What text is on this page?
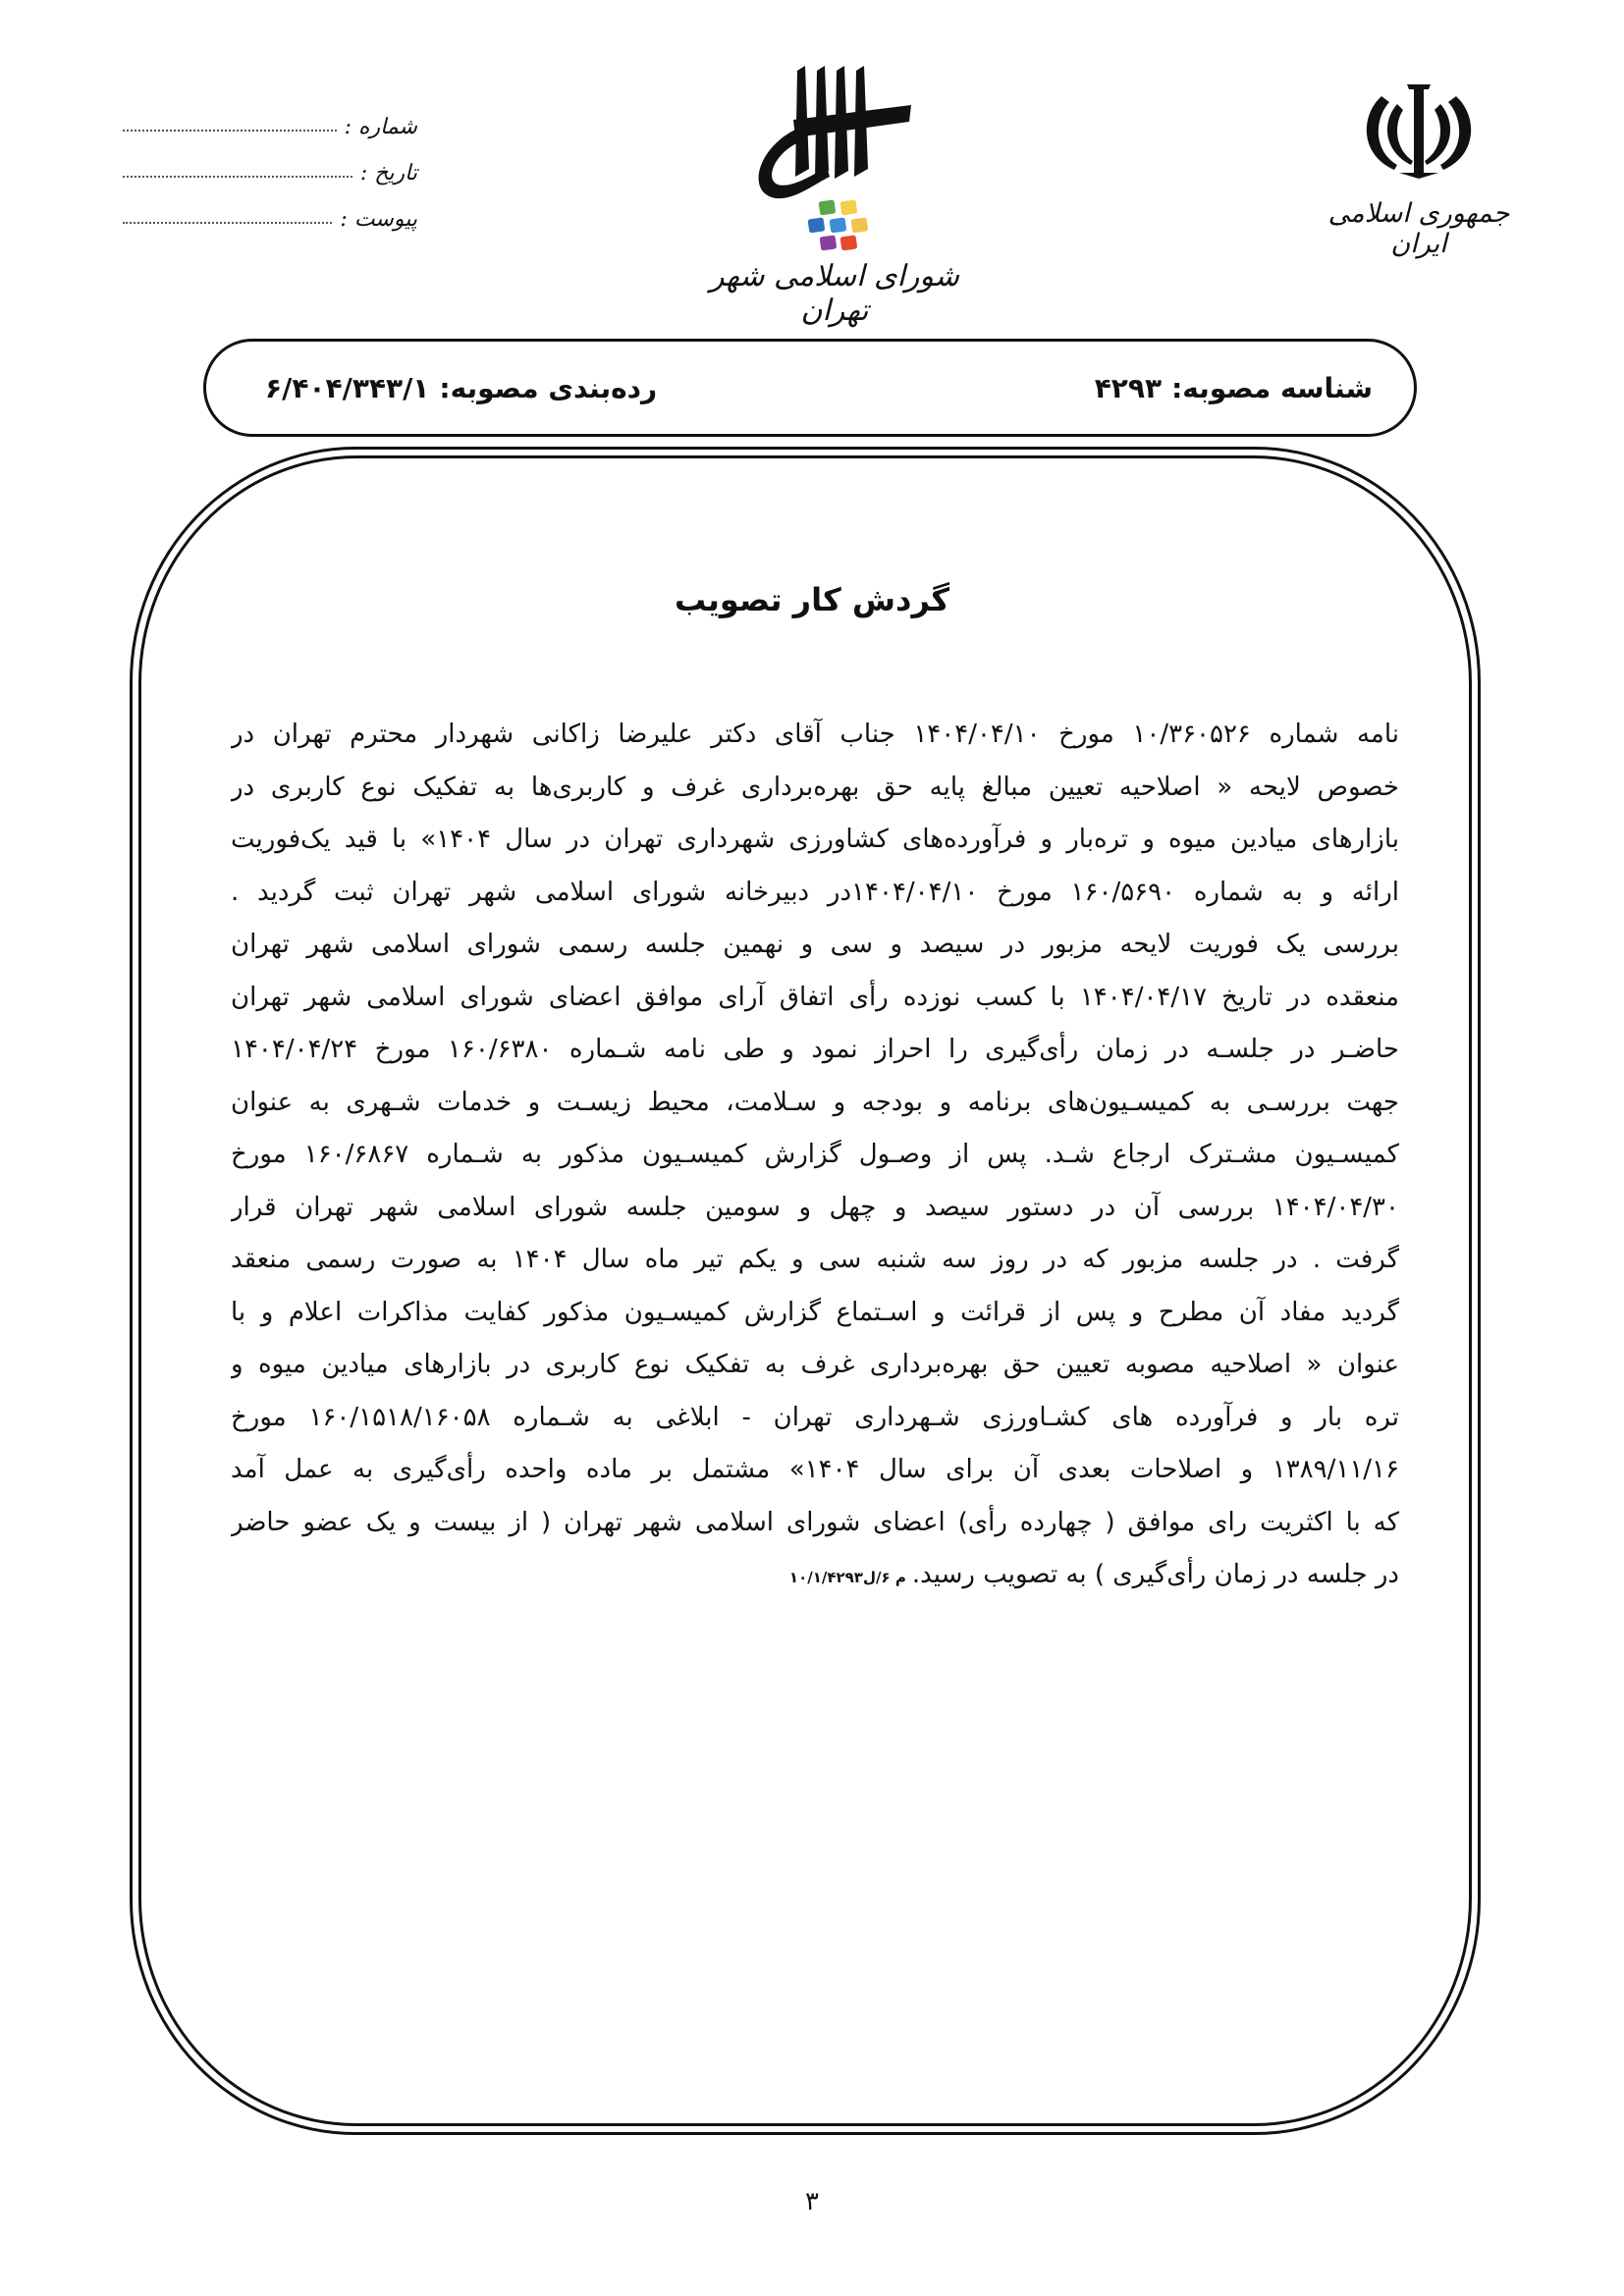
شماره :
تاریخ :
پیوست :
شورای اسلامی شهر تهران
جمهوری اسلامی ایران
شناسه مصوبه:
۴۲۹۳
رده‌بندی مصوبه:
۶/۴۰۴/۳۴۳/۱
گردش کار تصویب
نامه شماره ۱۰/۳۶۰۵۲۶ مورخ ۱۴۰۴/۰۴/۱۰ جناب آقای دکتر علیرضا زاکانی شهردار محترم تهران در
خصوص لایحه « اصلاحیه تعیین مبالغ پایه حق بهره‌برداری غرف و کاربری‌ها به تفکیک نوع کاربری در
بازارهای میادین میوه و تره‌بار و فرآورده‌های کشاورزی شهرداری تهران در سال ۱۴۰۴» با قید یک‌فوریت
ارائه و به شماره ۱۶۰/۵۶۹۰ مورخ ۱۴۰۴/۰۴/۱۰در دبیرخانه شورای اسلامی شهر تهران ثبت گردید .
بررسی یک فوریت لایحه مزبور در سیصد و سی و نهمین جلسه رسمی شورای اسلامی شهر تهران
منعقده در تاریخ ۱۴۰۴/۰۴/۱۷ با کسب نوزده رأی اتفاق آرای موافق اعضای شورای اسلامی شهر تهران
حاضـر در جلسـه در زمان رأی‌گیری را احراز نمود و طی نامه شـماره ۱۶۰/۶۳۸۰ مورخ ۱۴۰۴/۰۴/۲۴
جهت بررسـی به کمیسـیون‌های برنامه و بودجه و سـلامت، محیط زیسـت و خدمات شـهری به عنوان
کمیسـیون مشـترک ارجاع شـد. پس از وصـول گزارش کمیسـیون مذکور به شـماره ۱۶۰/۶۸۶۷ مورخ
۱۴۰۴/۰۴/۳۰ بررسی آن در دستور سیصد و چهل و سومین جلسه شورای اسلامی شهر تهران قرار
گرفت . در جلسه مزبور که در روز سه شنبه سی و یکم تیر ماه سال ۱۴۰۴ به صورت رسمی منعقد
گردید مفاد آن مطرح و پس از قرائت و اسـتماع گزارش کمیسـیون مذکور کفایت مذاکرات اعلام و با
عنوان « اصلاحیه مصوبه تعیین حق بهره‌برداری غرف به تفکیک نوع کاربری در بازارهای میادین میوه و
تره بار و فرآورده های کشـاورزی شـهرداری تهران - ابلاغی به شـماره ۱۶۰/۱۵۱۸/۱۶۰۵۸ مورخ
۱۳۸۹/۱۱/۱۶ و اصلاحات بعدی آن برای سال ۱۴۰۴» مشتمل بر ماده واحده رأی‌گیری به عمل آمد
که با اکثریت رای موافق ( چهارده رأی) اعضای شورای اسلامی شهر تهران ( از بیست و یک عضو حاضر
در جلسه در زمان رأی‌گیری ) به تصویب رسید.م ۶/ل۱۰/۱/۴۲۹۳
۳
